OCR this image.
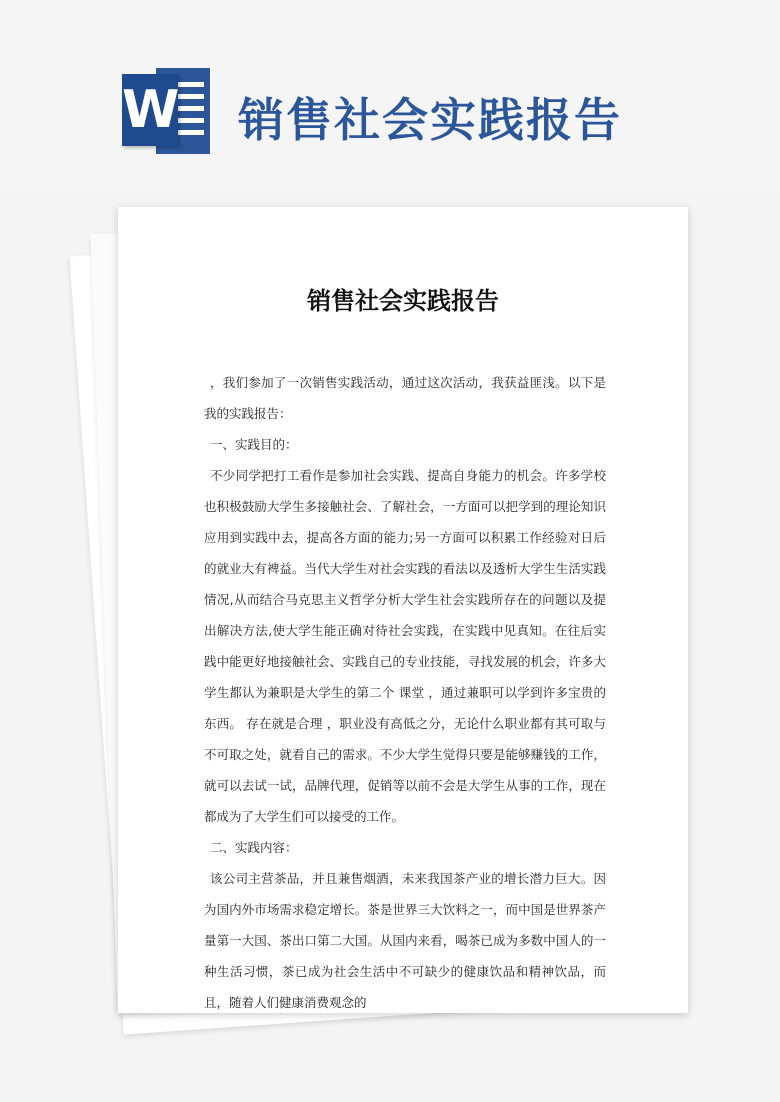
W 销售社会实践报告
销售社会实践报告

，我们参加了一次销售实践活动，通过这次活动，我获益匪浅。以下是我的实践报告：

一、实践目的：

不少同学把打工看作是参加社会实践、提高自身能力的机会。许多学校也积极鼓励大学生多接触社会、了解社会，一方面可以把学到的理论知识应用到实践中去，提高各方面的能力;另一方面可以积累工作经验对日后的就业大有裨益。当代大学生对社会实践的看法以及透析大学生生活实践情况,从而结合马克思主义哲学分析大学生社会实践所存在的问题以及提出解决方法,使大学生能正确对待社会实践，在实践中见真知。在往后实践中能更好地接触社会、实践自己的专业技能，寻找发展的机会，许多大学生都认为兼职是大学生的第二个 课堂 ，通过兼职可以学到许多宝贵的东西。 存在就是合理 ，职业没有高低之分，无论什么职业都有其可取与不可取之处，就看自己的需求。不少大学生觉得只要是能够赚钱的工作，就可以去试一试，品牌代理，促销等以前不会是大学生从事的工作，现在都成为了大学生们可以接受的工作。

二、实践内容：

该公司主营茶品，并且兼售烟酒，未来我国茶产业的增长潜力巨大。因为国内外市场需求稳定增长。茶是世界三大饮料之一，而中国是世界茶产量第一大国、茶出口第二大国。从国内来看，喝茶已成为多数中国人的一种生活习惯，茶已成为社会生活中不可缺少的健康饮品和精神饮品，而且，随着人们健康消费观念的
